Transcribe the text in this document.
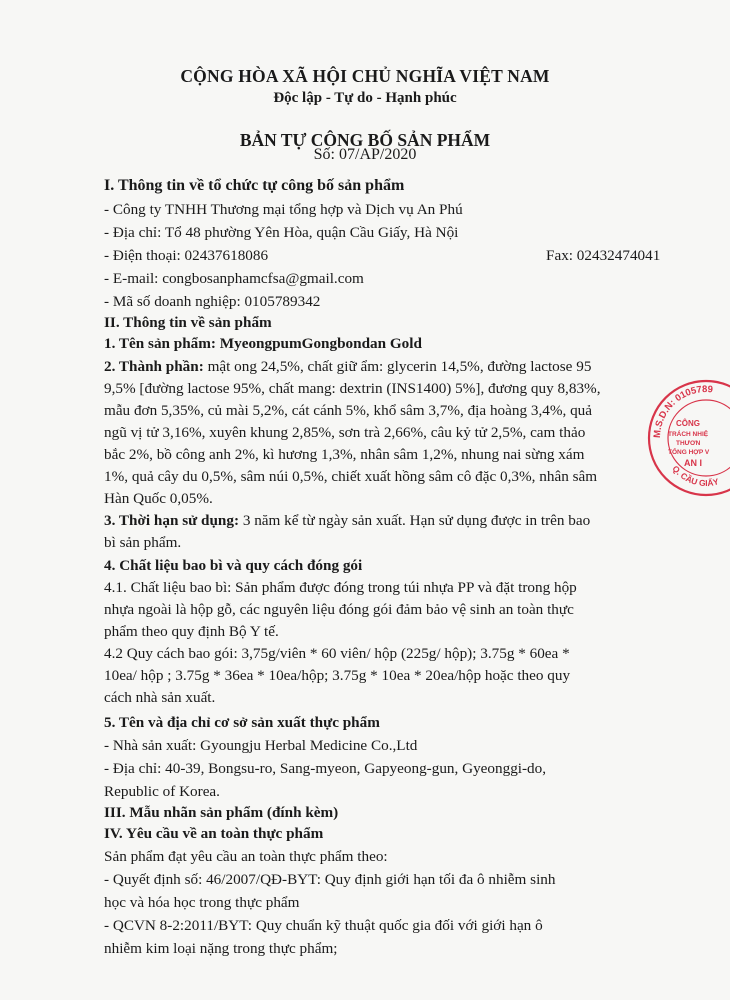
CỘNG HÒA XÃ HỘI CHỦ NGHĨA VIỆT NAM
Độc lập - Tự do - Hạnh phúc
BẢN TỰ CÔNG BỐ SẢN PHẨM
Số: 07/AP/2020
I. Thông tin về tổ chức tự công bố sản phẩm
- Công ty TNHH Thương mại tổng hợp và Dịch vụ An Phú
- Địa chỉ: Tổ 48 phường Yên Hòa, quận Cầu Giấy, Hà Nội
- Điện thoại: 02437618086	Fax: 02432474041
- E-mail: congbosanphamcfsa@gmail.com
- Mã số doanh nghiệp: 0105789342
II. Thông tin về sản phẩm
1. Tên sản phẩm: MyeongpumGongbondan Gold
2. Thành phần: mật ong 24,5%, chất giữ ẩm: glycerin 14,5%, đường lactose 95
9,5% [đường lactose 95%, chất mang: dextrin (INS1400) 5%], đương quy 8,83%,
mẫu đơn 5,35%, củ mài 5,2%, cát cánh 5%, khổ sâm 3,7%, địa hoàng 3,4%, quả
ngũ vị tử 3,16%, xuyên khung 2,85%, sơn trà 2,66%, câu kỷ tử 2,5%, cam thảo
bắc 2%, bồ công anh 2%, kì hương 1,3%, nhân sâm 1,2%, nhung nai sừng xám
1%, quả cây du 0,5%, sâm núi 0,5%, chiết xuất hồng sâm cô đặc 0,3%, nhân sâm
Hàn Quốc 0,05%.
3. Thời hạn sử dụng: 3 năm kể từ ngày sản xuất. Hạn sử dụng được in trên bao
bì sản phẩm.
4. Chất liệu bao bì và quy cách đóng gói
4.1. Chất liệu bao bì: Sản phẩm được đóng trong túi nhựa PP và đặt trong hộp
nhựa ngoài là hộp gỗ, các nguyên liệu đóng gói đảm bảo vệ sinh an toàn thực
phẩm theo quy định Bộ Y tế.
4.2 Quy cách bao gói: 3,75g/viên * 60 viên/ hộp (225g/ hộp); 3.75g * 60ea *
10ea/ hộp ; 3.75g * 36ea * 10ea/hộp; 3.75g * 10ea * 20ea/hộp hoặc theo quy
cách nhà sản xuất.
5. Tên và địa chỉ cơ sở sản xuất thực phẩm
- Nhà sản xuất: Gyoungju Herbal Medicine Co.,Ltd
- Địa chỉ: 40-39, Bongsu-ro, Sang-myeon, Gapyeong-gun, Gyeonggi-do,
Republic of Korea.
III. Mẫu nhãn sản phẩm (đính kèm)
IV. Yêu cầu về an toàn thực phẩm
Sản phẩm đạt yêu cầu an toàn thực phẩm theo:
- Quyết định số: 46/2007/QĐ-BYT: Quy định giới hạn tối đa ô nhiễm sinh
học và hóa học trong thực phẩm
- QCVN 8-2:2011/BYT: Quy chuẩn kỹ thuật quốc gia đối với giới hạn ô
nhiễm kim loại nặng trong thực phẩm;
M.S.D.N: 0105789
Q. CẦU GIẤY
CÔNG
TRÁCH NHIỆ
THƯƠN
TỔNG HỢP V
AN I
